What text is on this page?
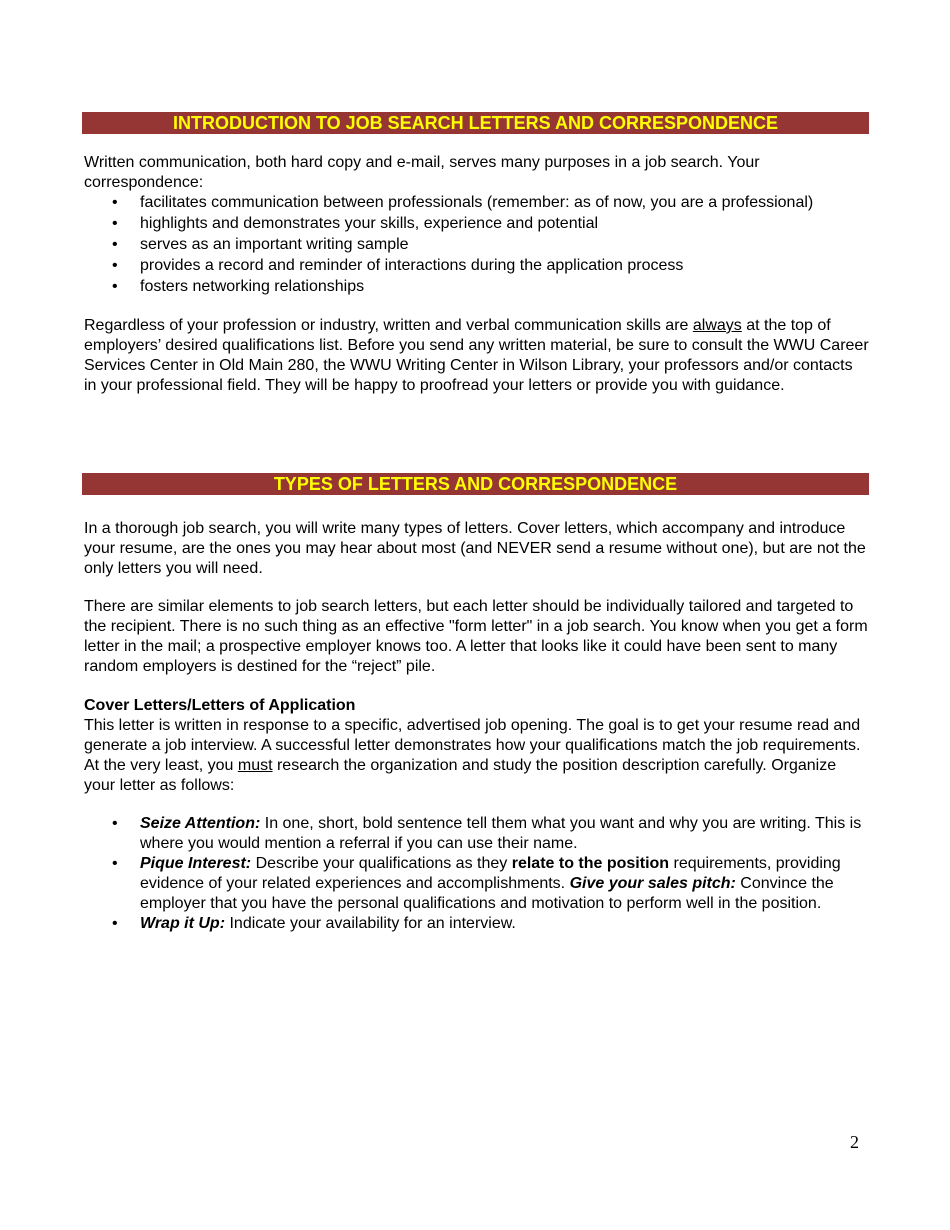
INTRODUCTION TO JOB SEARCH LETTERS AND CORRESPONDENCE

Written communication, both hard copy and e-mail, serves many purposes in a job search. Your correspondence:

• facilitates communication between professionals (remember: as of now, you are a professional)
• highlights and demonstrates your skills, experience and potential
• serves as an important writing sample
• provides a record and reminder of interactions during the application process
• fosters networking relationships

Regardless of your profession or industry, written and verbal communication skills are always at the top of employers’ desired qualifications list. Before you send any written material, be sure to consult the WWU Career Services Center in Old Main 280, the WWU Writing Center in Wilson Library, your professors and/or contacts in your professional field. They will be happy to proofread your letters or provide you with guidance.

TYPES OF LETTERS AND CORRESPONDENCE

In a thorough job search, you will write many types of letters. Cover letters, which accompany and introduce your resume, are the ones you may hear about most (and NEVER send a resume without one), but are not the only letters you will need.

There are similar elements to job search letters, but each letter should be individually tailored and targeted to the recipient. There is no such thing as an effective "form letter" in a job search. You know when you get a form letter in the mail; a prospective employer knows too. A letter that looks like it could have been sent to many random employers is destined for the “reject” pile.

Cover Letters/Letters of Application

This letter is written in response to a specific, advertised job opening. The goal is to get your resume read and generate a job interview. A successful letter demonstrates how your qualifications match the job requirements. At the very least, you must research the organization and study the position description carefully. Organize your letter as follows:

• Seize Attention: In one, short, bold sentence tell them what you want and why you are writing. This is where you would mention a referral if you can use their name.
• Pique Interest: Describe your qualifications as they relate to the position requirements, providing evidence of your related experiences and accomplishments. Give your sales pitch: Convince the employer that you have the personal qualifications and motivation to perform well in the position.
• Wrap it Up: Indicate your availability for an interview.
2
